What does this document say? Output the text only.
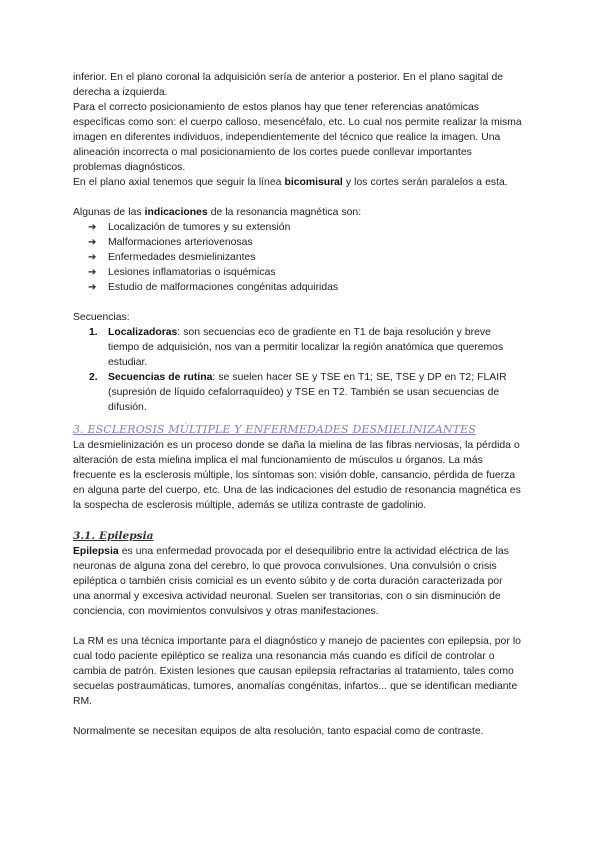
inferior. En el plano coronal la adquisición sería de anterior a posterior. En el plano sagital de derecha a izquierda.

Para el correcto posicionamiento de estos planos hay que tener referencias anatómicas específicas como son: el cuerpo calloso, mesencéfalo, etc. Lo cual nos permite realizar la misma imagen en diferentes individuos, independientemente del técnico que realice la imagen. Una alineación incorrecta o mal posicionamiento de los cortes puede conllevar importantes problemas diagnósticos.

En el plano axial tenemos que seguir la línea bicomisural y los cortes serán paralelos a esta.

Algunas de las indicaciones de la resonancia magnética son:

➔ Localización de tumores y su extensión
➔ Malformaciones arteriovenosas
➔ Enfermedades desmielinizantes
➔ Lesiones inflamatorias o isquémicas
➔ Estudio de malformaciones congénitas adquiridas

Secuencias:

1. Localizadoras: son secuencias eco de gradiente en T1 de baja resolución y breve tiempo de adquisición, nos van a permitir localizar la región anatómica que queremos estudiar.
2. Secuencias de rutina: se suelen hacer SE y TSE en T1; SE, TSE y DP en T2; FLAIR (supresión de líquido cefalorraquídeo) y TSE en T2. También se usan secuencias de difusión.
3. ESCLEROSIS MÚLTIPLE Y ENFERMEDADES DESMIELINIZANTES

La desmielinización es un proceso donde se daña la mielina de las fibras nerviosas, la pérdida o alteración de esta mielina implica el mal funcionamiento de músculos u órganos. La más frecuente es la esclerosis múltiple, los síntomas son: visión doble, cansancio, pérdida de fuerza en alguna parte del cuerpo, etc. Una de las indicaciones del estudio de resonancia magnética es la sospecha de esclerosis múltiple, además se utiliza contraste de gadolinio.

3.1. Epilepsia

Epilepsia es una enfermedad provocada por el desequilibrio entre la actividad eléctrica de las neuronas de alguna zona del cerebro, lo que provoca convulsiones. Una convulsión o crisis epiléptica o también crisis comicial es un evento súbito y de corta duración caracterizada por una anormal y excesiva actividad neuronal. Suelen ser transitorias, con o sin disminución de conciencia, con movimientos convulsivos y otras manifestaciones.

La RM es una técnica importante para el diagnóstico y manejo de pacientes con epilepsia, por lo cual todo paciente epiléptico se realiza una resonancia más cuando es difícil de controlar o cambia de patrón. Existen lesiones que causan epilepsia refractarias al tratamiento, tales como secuelas postraumáticas, tumores, anomalías congénitas, infartos... que se identifican mediante RM.

Normalmente se necesitan equipos de alta resolución, tanto espacial como de contraste.
